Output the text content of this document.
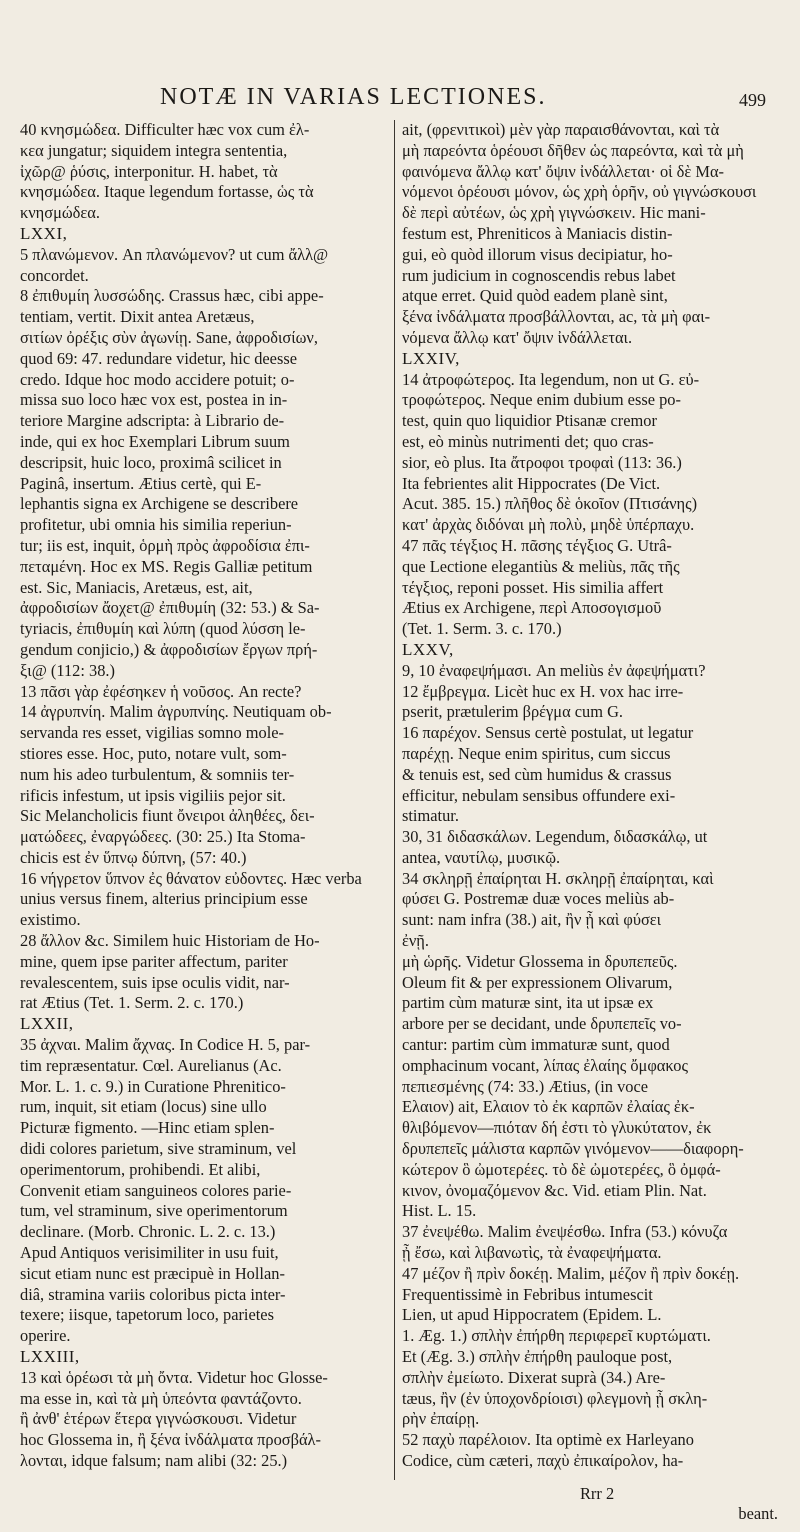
NOTÆ IN VARIAS LECTIONES.	499
40 κνησμώδεα. Difficulter hæc vox cum ἐλ-
κεα jungatur; siquidem integra sententia,
ἰχῶρ@ ῥύσις, interponitur. H. habet, τὰ
κνησμώδεα. Itaque legendum fortasse, ὡς τὰ
κνησμώδεα.
LXXI,
5 πλανώμενον. An πλανώμενον? ut cum ἄλλ@
concordet.
8 ἐπιθυμίη λυσσώδης. Crassus hæc, cibi appe-
tentiam, vertit. Dixit antea Aretæus,
σιτίων ὀρέξις σὺν ἀγωνίῃ. Sane, ἀφροδισίων,
quod 69: 47. redundare videtur, hic deesse
credo. Idque hoc modo accidere potuit; o-
missa suo loco hæc vox est, postea in in-
teriore Margine adscripta: à Librario de-
inde, qui ex hoc Exemplari Librum suum
descripsit, huic loco, proximâ scilicet in
Paginâ, insertum. Ætius certè, qui E-
lephantis signa ex Archigene se describere
profitetur, ubi omnia his similia reperiun-
tur; iis est, inquit, ὁρμὴ πρὸς ἀφροδίσια ἐπι-
πεταμένη. Hoc ex MS. Regis Galliæ petitum
est. Sic, Maniacis, Aretæus, est, ait,
ἀφροδισίων ἄοχετ@ ἐπιθυμίη (32: 53.) & Sa-
tyriacis, ἐπιθυμίη καὶ λύπη (quod λύσση le-
gendum conjicio,) & ἀφροδισίων ἔργων πρή-
ξι@ (112: 38.)
13 πᾶσι γὰρ ἐφέσηκεν ἡ νοῦσος. An recte?
14 ἀγρυπνίη. Malim ἀγρυπνίης. Neutiquam ob-
servanda res esset, vigilias somno mole-
stiores esse. Hoc, puto, notare vult, som-
num his adeo turbulentum, & somniis ter-
rificis infestum, ut ipsis vigiliis pejor sit.
Sic Melancholicis fiunt ὄνειροι ἀληθέες, δει-
ματώδεες, ἐναργώδεες. (30: 25.) Ita Stoma-
chicis est ἐν ὕπνῳ δύπνη, (57: 40.)
16 νήγρετον ὕπνον ἐς θάνατον εὐδοντες. Hæc verba
unius versus finem, alterius principium esse
existimo.
28 ἄλλον &c. Similem huic Historiam de Ho-
mine, quem ipse pariter affectum, pariter
revalescentem, suis ipse oculis vidit, nar-
rat Ætius (Tet. 1. Serm. 2. c. 170.)
LXXII,
35 ἀχναι. Malim ἄχνας. In Codice H. 5, par-
tim repræsentatur. Cœl. Aurelianus (Ac.
Mor. L. 1. c. 9.) in Curatione Phrenitico-
rum, inquit, sit etiam (locus) sine ullo
Picturæ figmento. —Hinc etiam splen-
didi colores parietum, sive straminum, vel
operimentorum, prohibendi. Et alibi,
Convenit etiam sanguineos colores parie-
tum, vel straminum, sive operimentorum
declinare. (Morb. Chronic. L. 2. c. 13.)
Apud Antiquos verisimiliter in usu fuit,
sicut etiam nunc est præcipuè in Hollan-
diâ, stramina variis coloribus picta inter-
texere; iisque, tapetorum loco, parietes
operire.
LXXIII,
13 καὶ ὁρέωσι τὰ μὴ ὄντα. Videtur hoc Glosse-
ma esse in, καὶ τὰ μὴ ὑπεόντα φαντάζοντο.
ἢ ἀνθ' ἑτέρων ἕτερα γιγνώσκουσι. Videtur
hoc Glossema in, ἢ ξένα ἰνδάλματα προσβάλ-
λονται, idque falsum; nam alibi (32: 25.)
ait, (φρενιτικοὶ) μὲν γὰρ παραισθάνονται, καὶ τὰ
μὴ παρεόντα ὁρέουσι δῆθεν ὡς παρεόντα, καὶ τὰ μὴ
φαινόμενα ἄλλῳ κατ' ὄψιν ἰνδάλλεται· οἱ δὲ Μα-
νόμενοι ὁρέουσι μόνον, ὡς χρὴ ὁρῆν, οὐ γιγνώσκουσι
δὲ περὶ αὐτέων, ὡς χρὴ γιγνώσκειν. Hic mani-
festum est, Phreniticos à Maniacis distin-
gui, eò quòd illorum visus decipiatur, ho-
rum judicium in cognoscendis rebus labet
atque erret. Quid quòd eadem planè sint,
ξένα ἰνδάλματα προσβάλλονται, ac, τὰ μὴ φαι-
νόμενα ἄλλῳ κατ' ὄψιν ἰνδάλλεται.
LXXIV,
14 ἀτροφώτερος. Ita legendum, non ut G. εὐ-
τροφώτερος. Neque enim dubium esse po-
test, quin quo liquidior Ptisanæ cremor
est, eò minùs nutrimenti det; quo cras-
sior, eò plus. Ita ἄτροφοι τροφαὶ (113: 36.)
Ita febrientes alit Hippocrates (De Vict.
Acut. 385. 15.) πλῆθος δὲ ὁκοῖον (Πτισάνης)
κατ' ἀρχὰς διδόναι μὴ πολὺ, μηδὲ ὑπέρπαχυ.
47 πᾶς τέγξιος H. πᾶσης τέγξιος G. Utrâ-
que Lectione elegantiùs & meliùs, πᾶς τῆς
τέγξιος, reponi posset. His similia affert
Ætius ex Archigene, περὶ Αποσογισμοῦ
(Tet. 1. Serm. 3. c. 170.)
LXXV,
9, 10 ἐναφεψήμασι. An meliùs ἐν ἀφεψήματι?
12 ἔμβρεγμα. Licèt huc ex H. vox hac irre-
pserit, prætulerim βρέγμα cum G.
16 παρέχον. Sensus certè postulat, ut legatur
παρέχῃ. Neque enim spiritus, cum siccus
& tenuis est, sed cùm humidus & crassus
efficitur, nebulam sensibus offundere exi-
stimatur.
30, 31 διδασκάλων. Legendum, διδασκάλῳ, ut
antea, ναυτίλῳ, μυσικῷ.
34 σκληρῇ ἐπαίρηται H. σκληρῇ ἐπαίρηται, καὶ
φύσει G. Postremæ duæ voces meliùs ab-
sunt: nam infra (38.) ait, ἢν ᾖ καὶ φύσει
ἐνῇ.
μὴ ὡρῆς. Videtur Glossema in δρυπεπεῦς.
Oleum fit & per expressionem Olivarum,
partim cùm maturæ sint, ita ut ipsæ ex
arbore per se decidant, unde δρυπεπεῖς vo-
cantur: partim cùm immaturæ sunt, quod
omphacinum vocant, λίπας ἐλαίης ὄμφακος
πεπιεσμένης (74: 33.) Ætius, (in voce
Ελαιον) ait, Ελαιον τὸ ἐκ καρπῶν ἐλαίας ἐκ-
θλιβόμενον—πιόταν δή ἐστι τὸ γλυκύτατον, ἐκ
δρυπεπεῖς μάλιστα καρπῶν γινόμενον——διαφορη-
κώτερον ὃ ὠμοτερέες. τὸ δὲ ὠμοτερέες, ὃ ὀμφά-
κινον, ὀνομαζόμενον &c. Vid. etiam Plin. Nat.
Hist. L. 15.
37 ἐνεψέθω. Malim ἐνεψέσθω. Infra (53.) κόνυζα
ᾖ ἔσω, καὶ λιβανωτὶς, τὰ ἐναφεψήματα.
47 μέζον ἢ πρὶν δοκέῃ. Malim, μέζον ἢ πρὶν δοκέῃ.
Frequentissimè in Febribus intumescit
Lien, ut apud Hippocratem (Epidem. L.
1. Æg. 1.) σπλὴν ἐπήρθη περιφερεῖ κυρτώματι.
Et (Æg. 3.) σπλὴν ἐπήρθη pauloque post,
σπλὴν ἐμείωτο. Dixerat suprà (34.) Are-
tæus, ἢν (ἐν ὑποχονδρίοισι) φλεγμονὴ ᾖ σκλη-
ρὴν ἐπαίρῃ.
52 παχὺ παρέλοιον. Ita optimè ex Harleyano
Codice, cùm cæteri, παχὺ ἐπικαίρολον, ha-
Rrr 2
beant.
